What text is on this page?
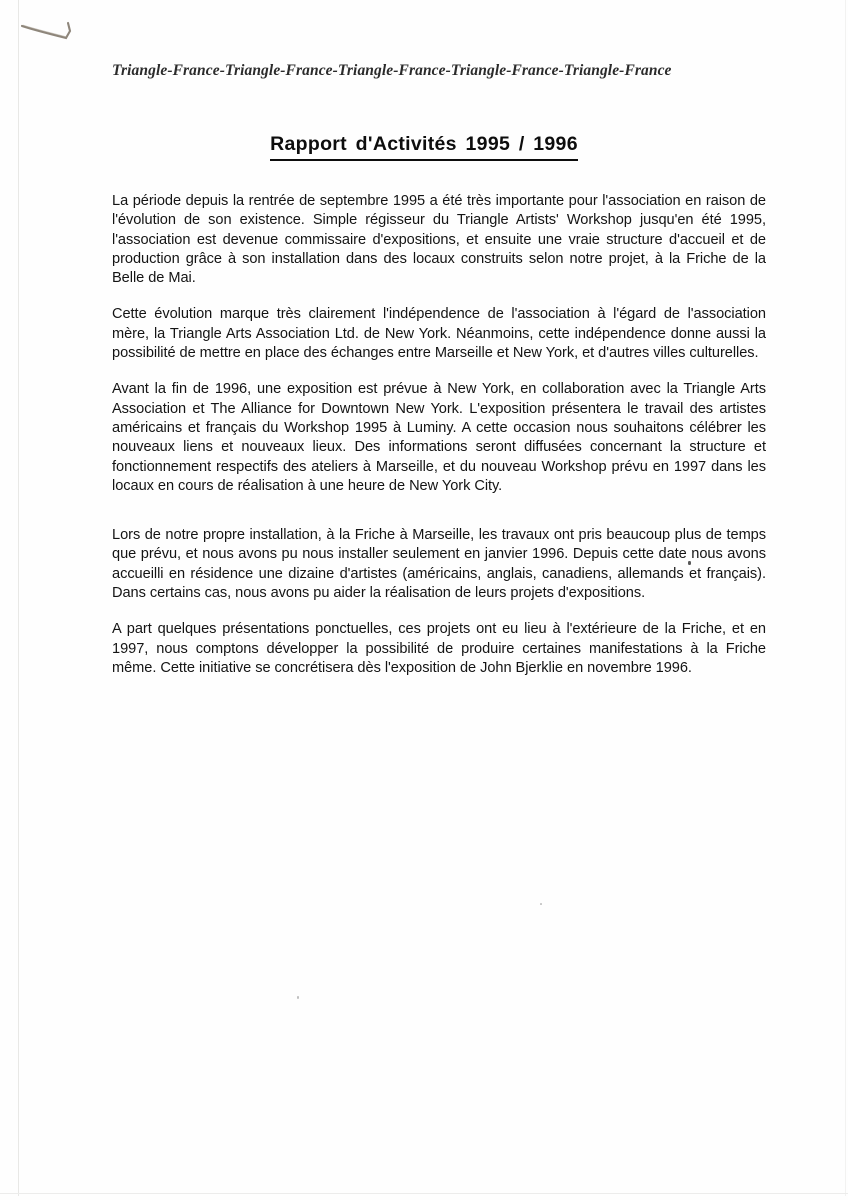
Triangle-France-Triangle-France-Triangle-France-Triangle-France-Triangle-France
Rapport d'Activités 1995 / 1996

La période depuis la rentrée de septembre 1995 a été très importante pour l'association en raison de l'évolution de son existence. Simple régisseur du Triangle Artists' Workshop jusqu'en été 1995, l'association est devenue commissaire d'expositions, et ensuite une vraie structure d'accueil et de production grâce à son installation dans des locaux construits selon notre projet, à la Friche de la Belle de Mai.

Cette évolution marque très clairement l'indépendence de l'association à l'égard de l'association mère, la Triangle Arts Association Ltd. de New York. Néanmoins, cette indépendence donne aussi la possibilité de mettre en place des échanges entre Marseille et New York, et d'autres villes culturelles.

Avant la fin de 1996, une exposition est prévue à New York, en collaboration avec la Triangle Arts Association et The Alliance for Downtown New York. L'exposition présentera le travail des artistes américains et français du Workshop 1995 à Luminy. A cette occasion nous souhaitons célébrer les nouveaux liens et nouveaux lieux. Des informations seront diffusées concernant la structure et fonctionnement respectifs des ateliers à Marseille, et du nouveau Workshop prévu en 1997 dans les locaux en cours de réalisation à une heure de New York City.

Lors de notre propre installation, à la Friche à Marseille, les travaux ont pris beaucoup plus de temps que prévu, et nous avons pu nous installer seulement en janvier 1996. Depuis cette date nous avons accueilli en résidence une dizaine d'artistes (américains, anglais, canadiens, allemands et français). Dans certains cas, nous avons pu aider la réalisation de leurs projets d'expositions.

A part quelques présentations ponctuelles, ces projets ont eu lieu à l'extérieure de la Friche, et en 1997, nous comptons développer la possibilité de produire certaines manifestations à la Friche même. Cette initiative se concrétisera dès l'exposition de John Bjerklie en novembre 1996.
